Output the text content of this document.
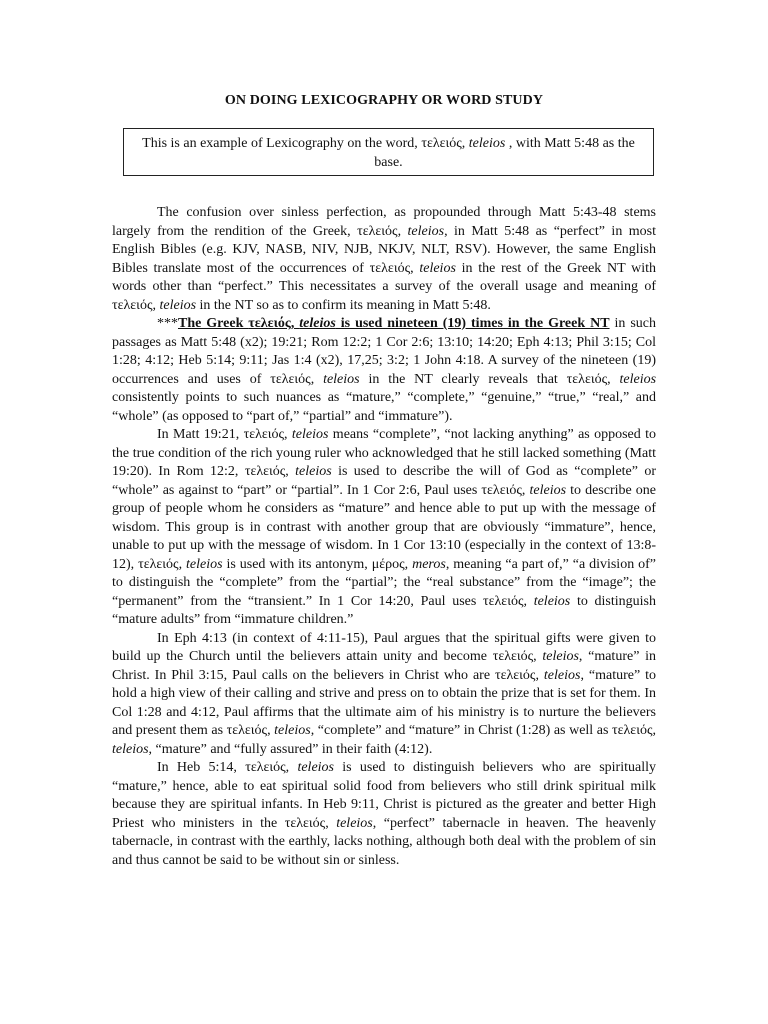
ON DOING LEXICOGRAPHY OR WORD STUDY
This is an example of Lexicography on the word, τελειός, teleios , with Matt 5:48 as the base.

The confusion over sinless perfection, as propounded through Matt 5:43-48 stems largely from the rendition of the Greek, τελειός, teleios, in Matt 5:48 as “perfect” in most English Bibles (e.g. KJV, NASB, NIV, NJB, NKJV, NLT, RSV). However, the same English Bibles translate most of the occurrences of τελειός, teleios in the rest of the Greek NT with words other than “perfect.” This necessitates a survey of the overall usage and meaning of τελειός, teleios in the NT so as to confirm its meaning in Matt 5:48.

***The Greek τελειός, teleios is used nineteen (19) times in the Greek NT in such passages as Matt 5:48 (x2); 19:21; Rom 12:2; 1 Cor 2:6; 13:10; 14:20; Eph 4:13; Phil 3:15; Col 1:28; 4:12; Heb 5:14; 9:11; Jas 1:4 (x2), 17,25; 3:2; 1 John 4:18. A survey of the nineteen (19) occurrences and uses of τελειός, teleios in the NT clearly reveals that τελειός, teleios consistently points to such nuances as “mature,” “complete,” “genuine,” “true,” “real,” and “whole” (as opposed to “part of,” “partial” and “immature”).

In Matt 19:21, τελειός, teleios means “complete”, “not lacking anything” as opposed to the true condition of the rich young ruler who acknowledged that he still lacked something (Matt 19:20). In Rom 12:2, τελειός, teleios is used to describe the will of God as “complete” or “whole” as against to “part” or “partial”. In 1 Cor 2:6, Paul uses τελειός, teleios to describe one group of people whom he considers as “mature” and hence able to put up with the message of wisdom. This group is in contrast with another group that are obviously “immature”, hence, unable to put up with the message of wisdom. In 1 Cor 13:10 (especially in the context of 13:8-12), τελειός, teleios is used with its antonym, μέρος, meros, meaning “a part of,” “a division of” to distinguish the “complete” from the “partial”; the “real substance” from the “image”; the “permanent” from the “transient.” In 1 Cor 14:20, Paul uses τελειός, teleios to distinguish “mature adults” from “immature children.”

In Eph 4:13 (in context of 4:11-15), Paul argues that the spiritual gifts were given to build up the Church until the believers attain unity and become τελειός, teleios, “mature” in Christ. In Phil 3:15, Paul calls on the believers in Christ who are τελειός, teleios, “mature” to hold a high view of their calling and strive and press on to obtain the prize that is set for them. In Col 1:28 and 4:12, Paul affirms that the ultimate aim of his ministry is to nurture the believers and present them as τελειός, teleios, “complete” and “mature” in Christ (1:28) as well as τελειός, teleios, “mature” and “fully assured” in their faith (4:12).

In Heb 5:14, τελειός, teleios is used to distinguish believers who are spiritually “mature,” hence, able to eat spiritual solid food from believers who still drink spiritual milk because they are spiritual infants. In Heb 9:11, Christ is pictured as the greater and better High Priest who ministers in the τελειός, teleios, “perfect” tabernacle in heaven. The heavenly tabernacle, in contrast with the earthly, lacks nothing, although both deal with the problem of sin and thus cannot be said to be without sin or sinless.
